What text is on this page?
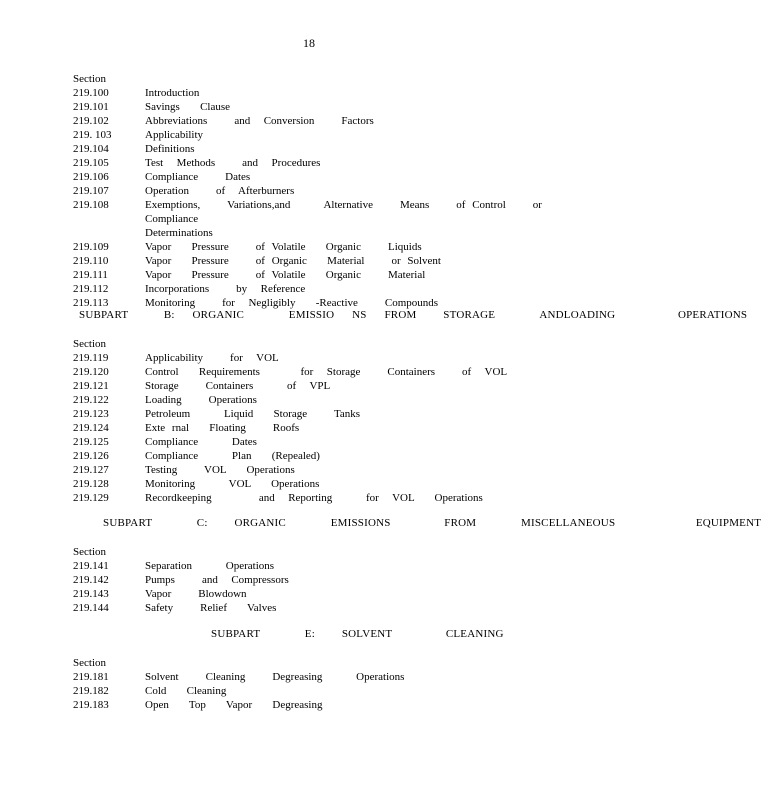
18
Section
219.100	Introduction
219.101	Savings   Clause
219.102	Abbreviations    and  Conversion    Factors
219. 103	Applicability
219.104	Definitions
219.105	Test  Methods    and  Procedures
219.106	Compliance    Dates
219.107	Operation    of  Afterburners
219.108	Exemptions,    Variations,and     Alternative    Means    of Control    or Compliance
Determinations
219.109	Vapor   Pressure    of Volatile   Organic    Liquids
219.110	Vapor   Pressure    of Organic   Material    or Solvent
219.111	Vapor   Pressure    of Volatile   Organic    Material
219.112	Incorporations    by  Reference
219.113	Monitoring    for  Negligibly   -Reactive    Compounds
SUBPART    B:  ORGANIC     EMISSIO  NS  FROM   STORAGE     ANDLOADING       OPERATIONS
Section
219.119	Applicability    for  VOL
219.120	Control   Requirements      for  Storage    Containers    of  VOL
219.121	Storage    Containers     of  VPL
219.122	Loading    Operations
219.123	Petroleum     Liquid   Storage    Tanks
219.124	Exte rnal   Floating    Roofs
219.125	Compliance     Dates
219.126	Compliance     Plan   (Repealed)
219.127	Testing    VOL   Operations
219.128	Monitoring     VOL   Operations
219.129	Recordkeeping       and  Reporting     for  VOL   Operations
SUBPART     C:   ORGANIC     EMISSIONS      FROM     MISCELLANEOUS         EQUIPMENT
Section
219.141	Separation     Operations
219.142	Pumps    and  Compressors
219.143	Vapor    Blowdown
219.144	Safety    Relief   Valves
SUBPART     E:   SOLVENT      CLEANING
Section
219.181	Solvent    Cleaning    Degreasing     Operations
219.182	Cold   Cleaning
219.183	Open   Top   Vapor   Degreasing
